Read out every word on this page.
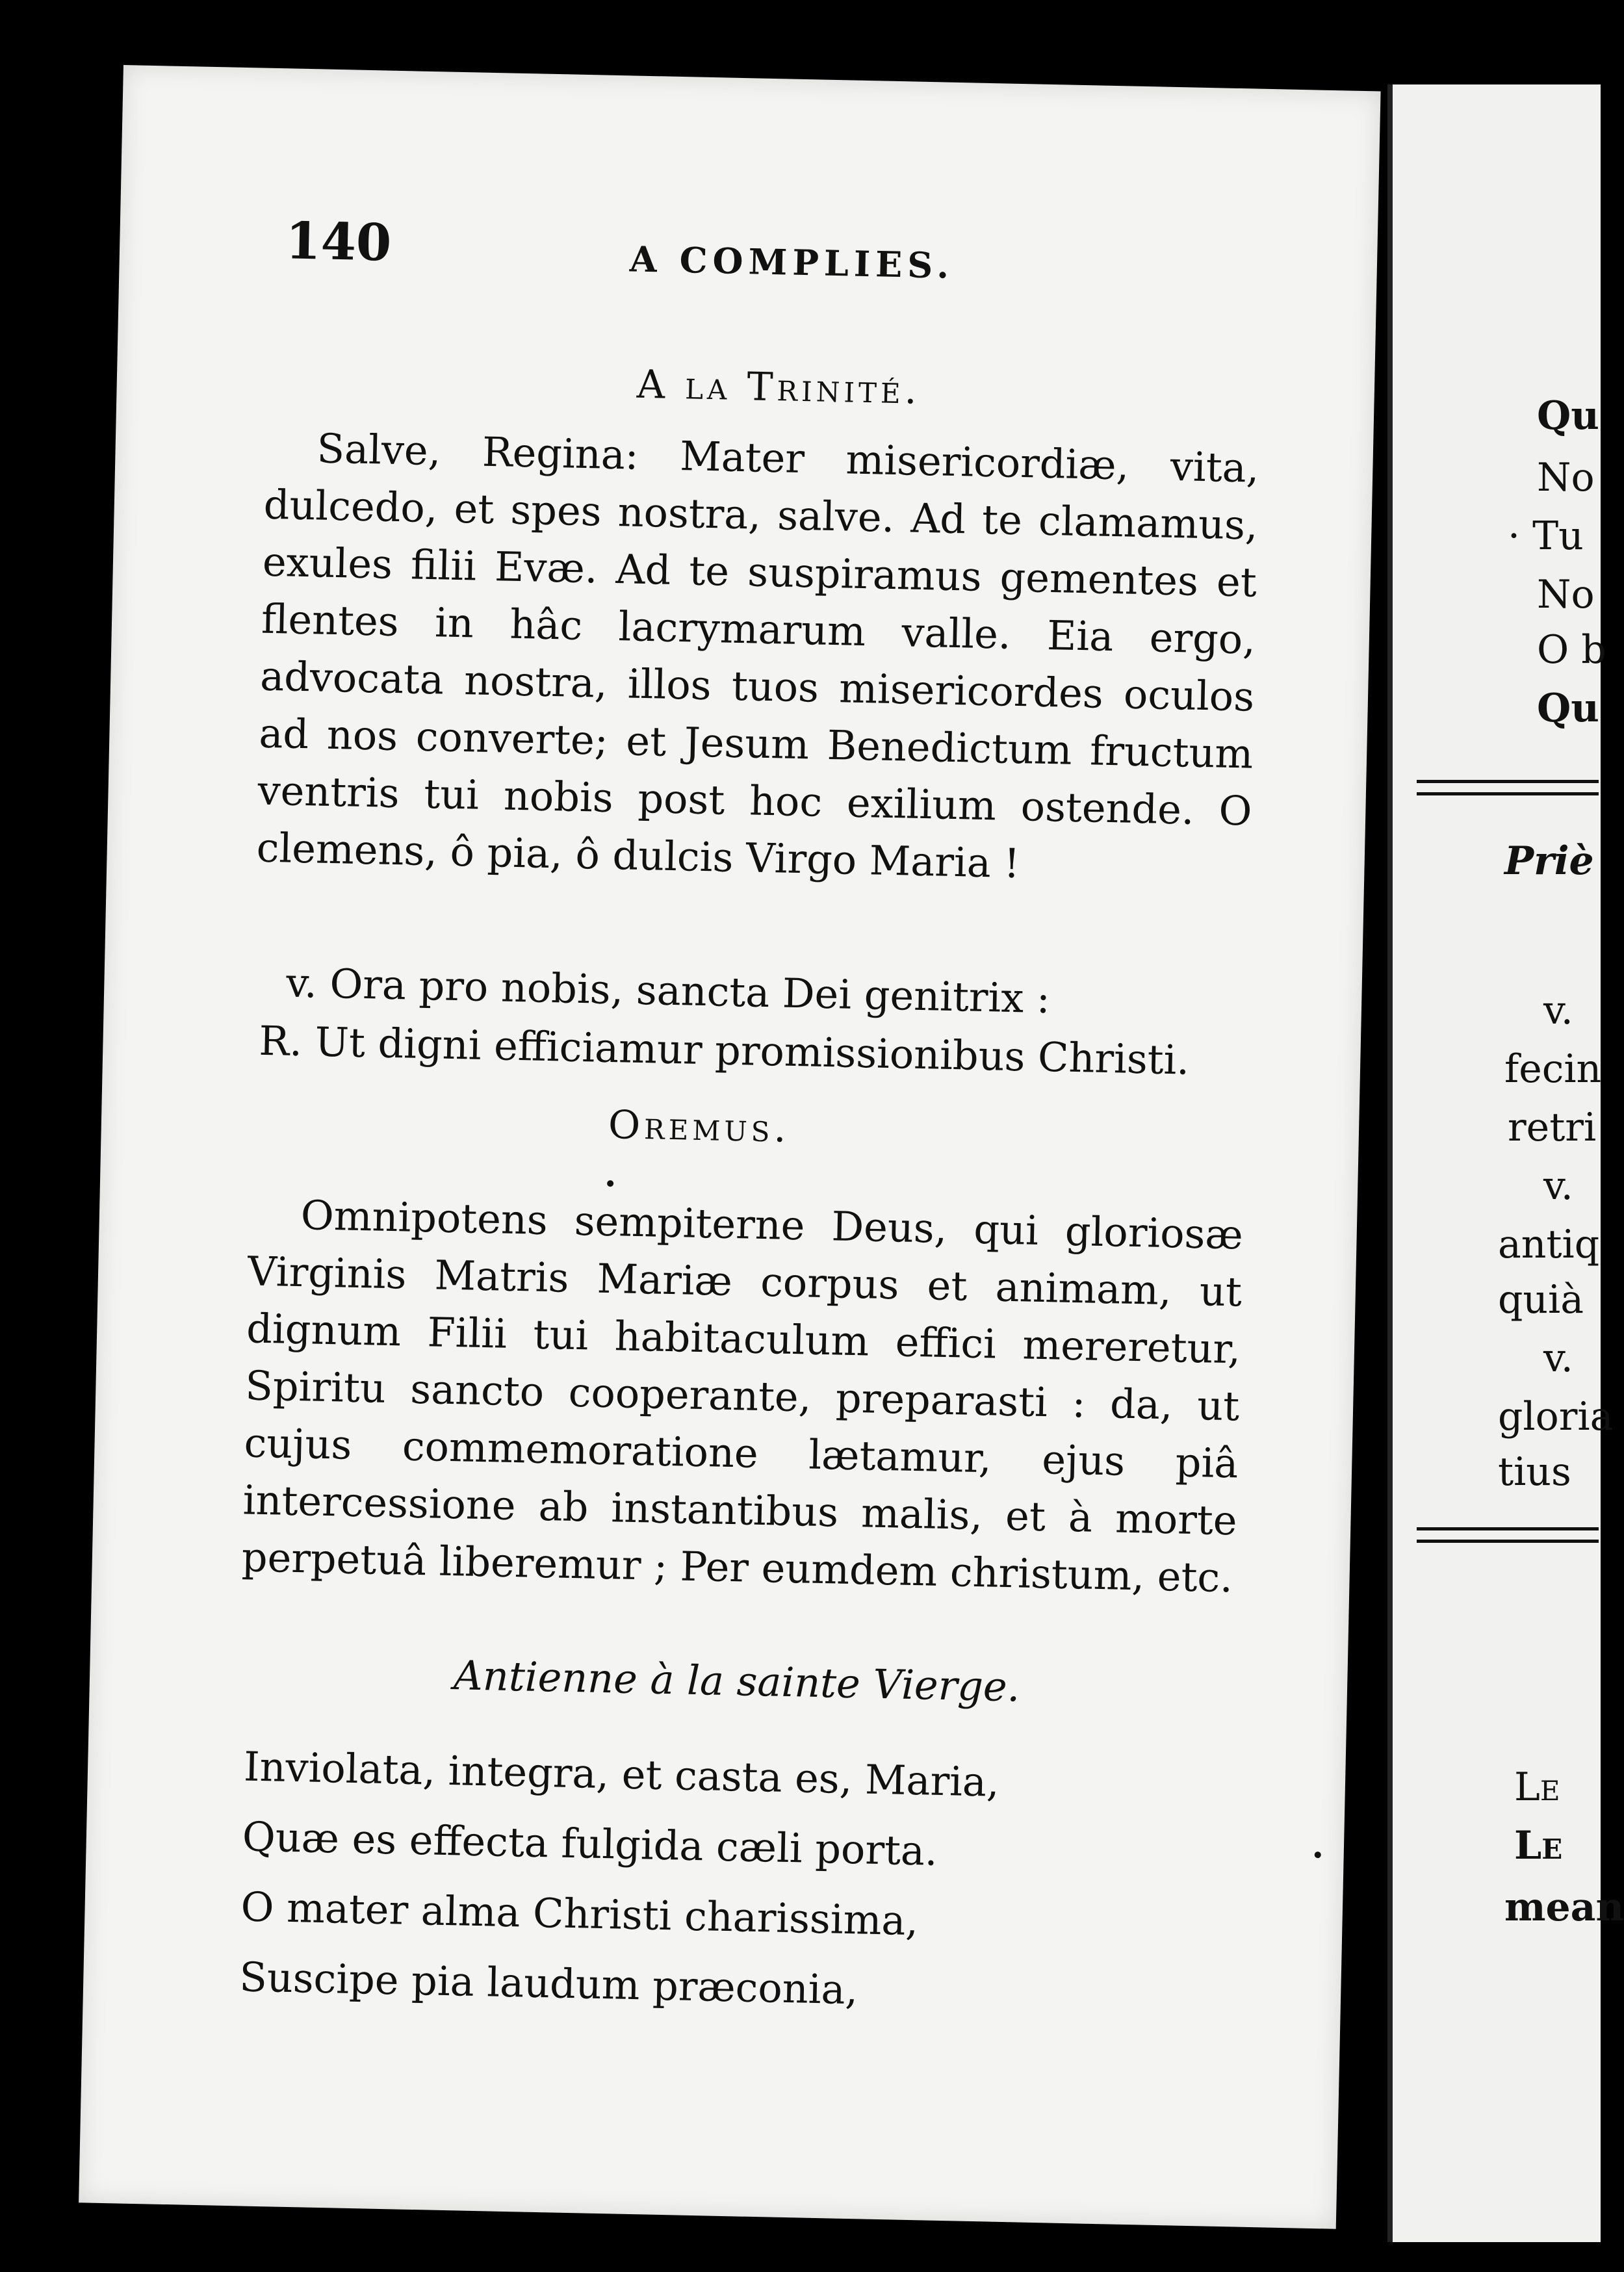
140	A COMPLIES.
A la Trinité.
Salve, Regina: Mater misericordiæ, vita, dulcedo, et spes nostra, salve. Ad te clamamus, exules filii Evæ. Ad te suspiramus gementes et flentes in hâc lacrymarum valle. Eia ergo, advocata nostra, illos tuos misericordes oculos ad nos converte; et Jesum Benedictum fructum ventris tui nobis post hoc exilium ostende. O clemens, ô pia, ô dulcis Virgo Maria !
v. Ora pro nobis, sancta Dei genitrix :
R. Ut digni efficiamur promissionibus Christi.
Oremus.
Omnipotens sempiterne Deus, qui gloriosæ Virginis Matris Mariæ corpus et animam, ut dignum Filii tui habitaculum effici mereretur, Spiritu sancto cooperante, preparasti : da, ut cujus commemoratione lætamur, ejus piâ intercessione ab instantibus malis, et à morte perpetuâ liberemur ; Per eumdem christum, etc.
Antienne à la sainte Vierge.
Inviolata, integra, et casta es, Maria,
Quæ es effecta fulgida cæli porta.
O mater alma Christi charissima,
Suscipe pia laudum præconia,
Qu
No
· Tu
No
O b
Qu
Priè
v.
fecin
retri
v.
antiq
quià
v.
gloria
tius
Le
Le
mean
